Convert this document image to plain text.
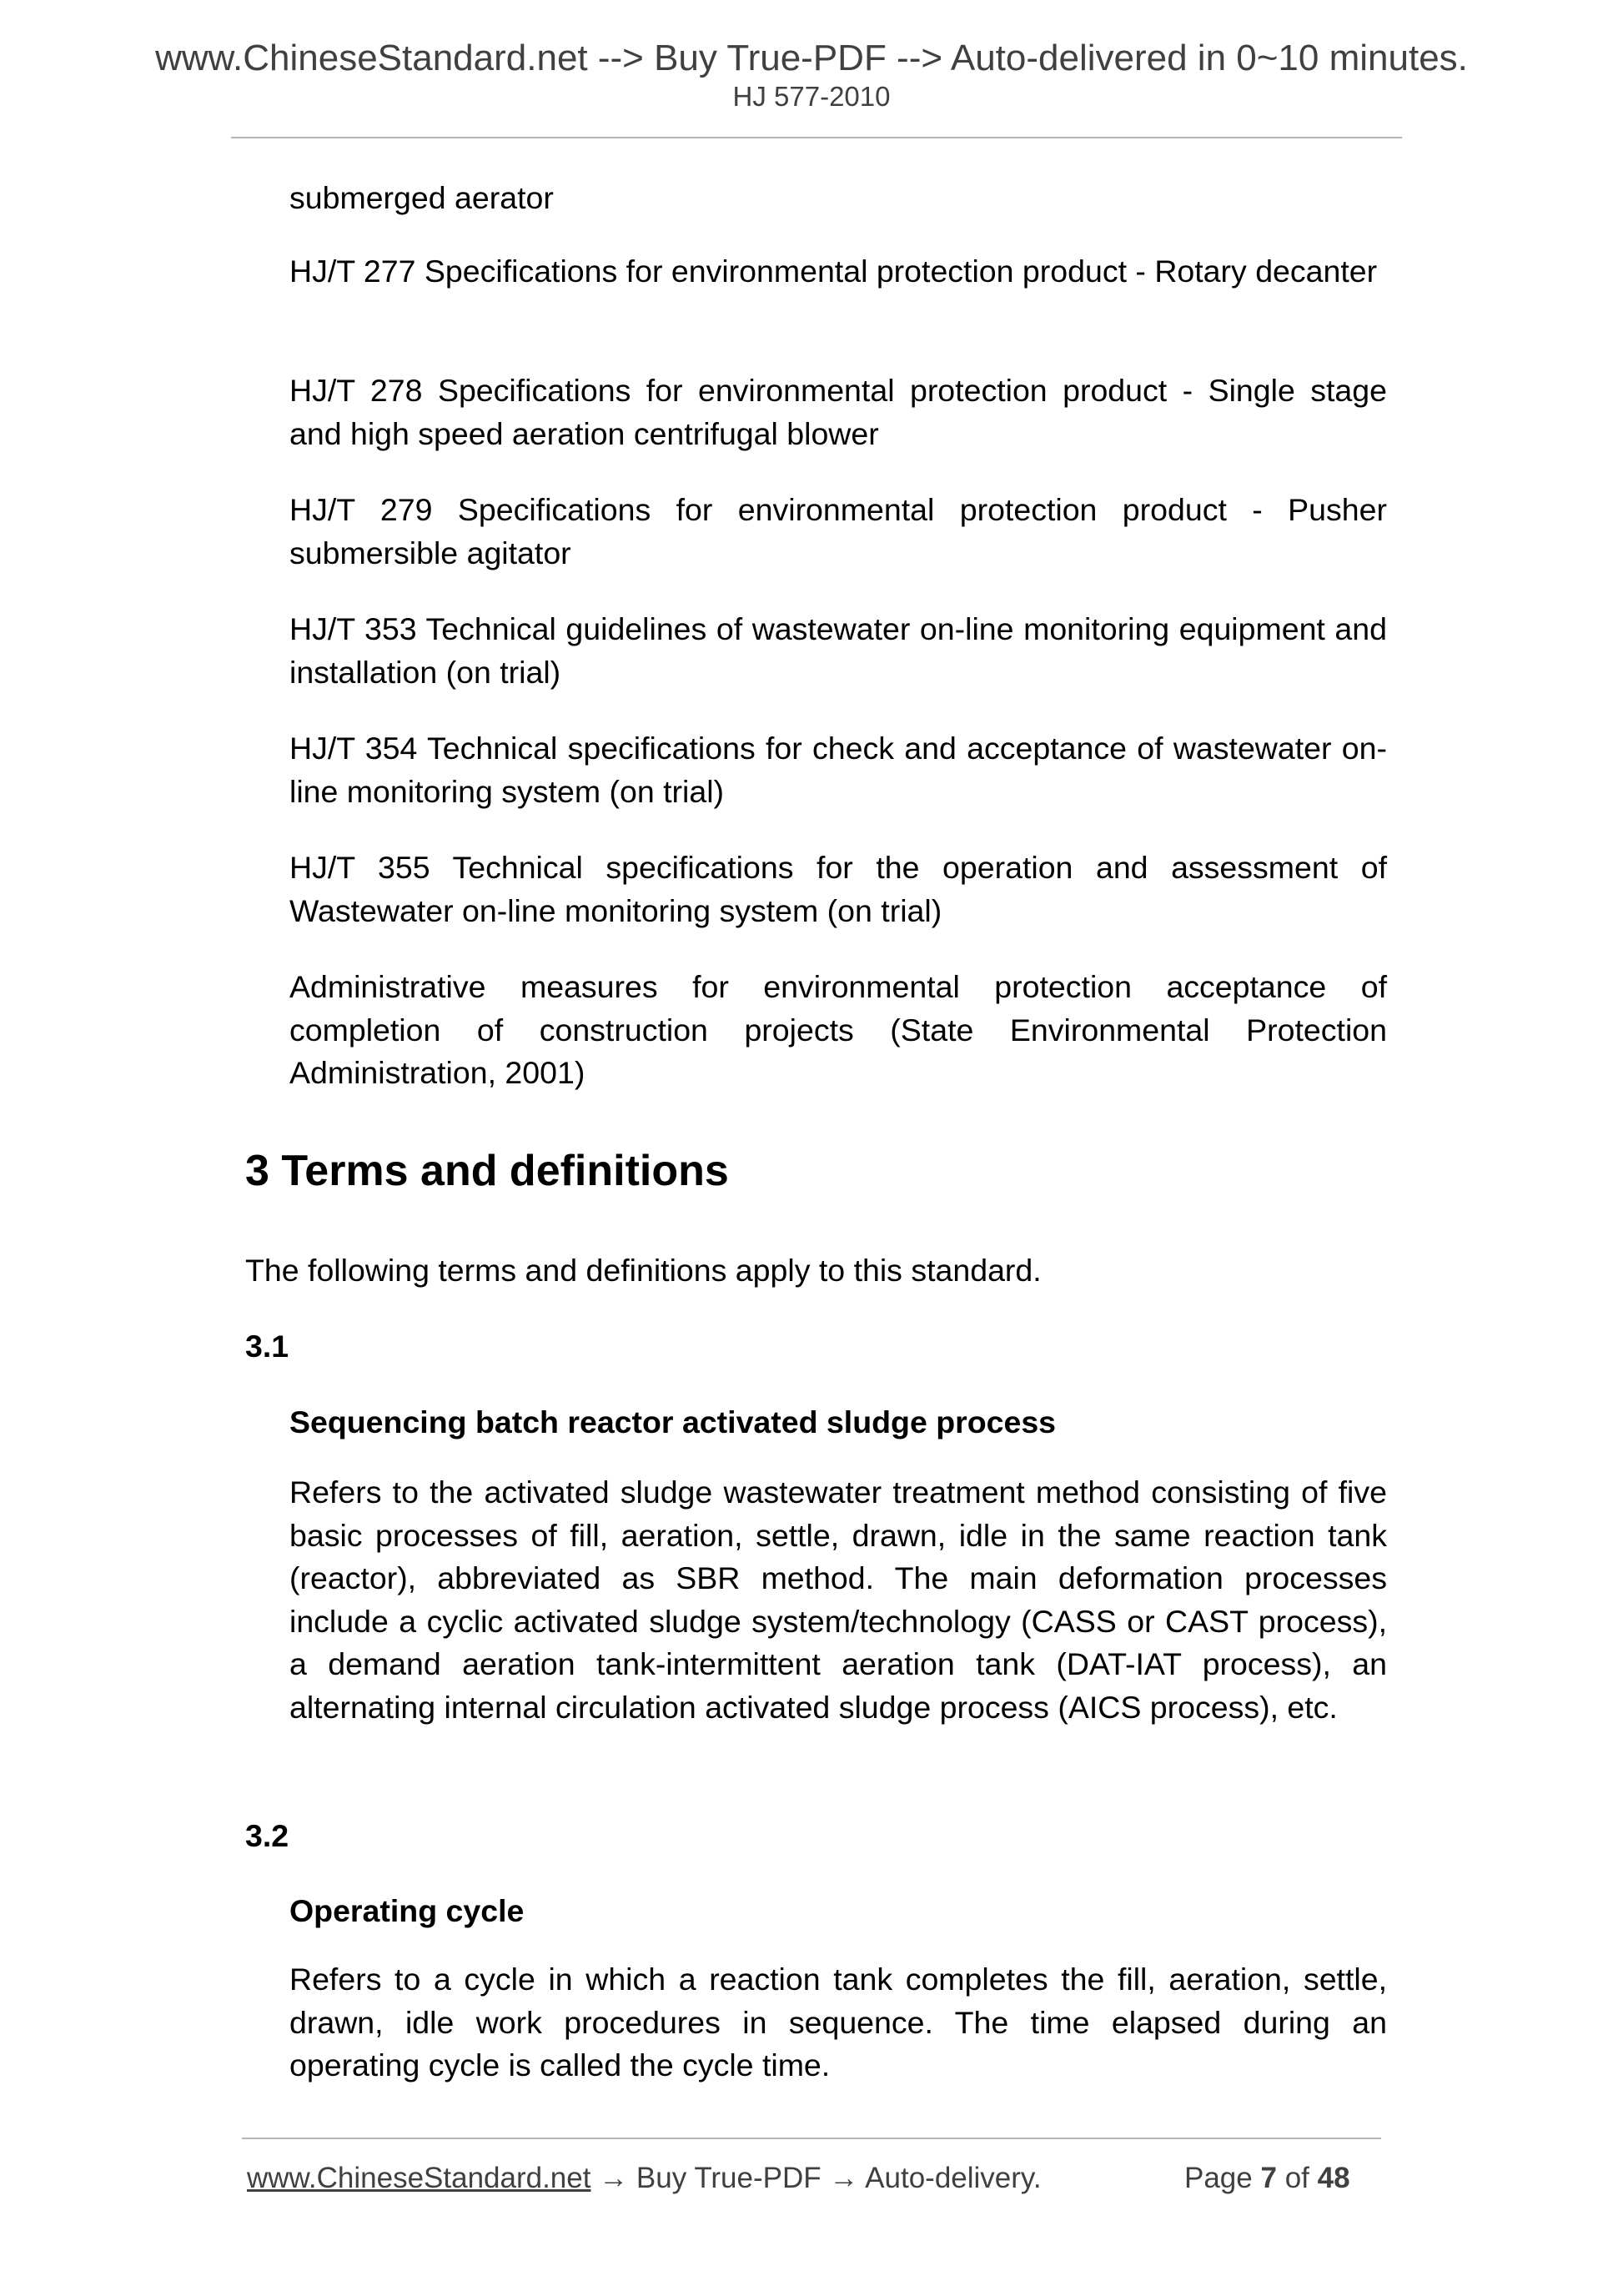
www.ChineseStandard.net --> Buy True-PDF --> Auto-delivered in 0~10 minutes.
HJ 577-2010
submerged aerator
HJ/T 277 Specifications for environmental protection product - Rotary decanter
HJ/T 278 Specifications for environmental protection product - Single stage and high speed aeration centrifugal blower
HJ/T 279 Specifications for environmental protection product - Pusher submersible agitator
HJ/T 353 Technical guidelines of wastewater on-line monitoring equipment and installation (on trial)
HJ/T 354 Technical specifications for check and acceptance of wastewater on-line monitoring system (on trial)
HJ/T 355 Technical specifications for the operation and assessment of Wastewater on-line monitoring system (on trial)
Administrative measures for environmental protection acceptance of completion of construction projects (State Environmental Protection Administration, 2001)
3 Terms and definitions
The following terms and definitions apply to this standard.
3.1
Sequencing batch reactor activated sludge process
Refers to the activated sludge wastewater treatment method consisting of five basic processes of fill, aeration, settle, drawn, idle in the same reaction tank (reactor), abbreviated as SBR method. The main deformation processes include a cyclic activated sludge system/technology (CASS or CAST process), a demand aeration tank-intermittent aeration tank (DAT-IAT process), an alternating internal circulation activated sludge process (AICS process), etc.
3.2
Operating cycle
Refers to a cycle in which a reaction tank completes the fill, aeration, settle, drawn, idle work procedures in sequence. The time elapsed during an operating cycle is called the cycle time.
www.ChineseStandard.net → Buy True-PDF → Auto-delivery.	Page 7 of 48
